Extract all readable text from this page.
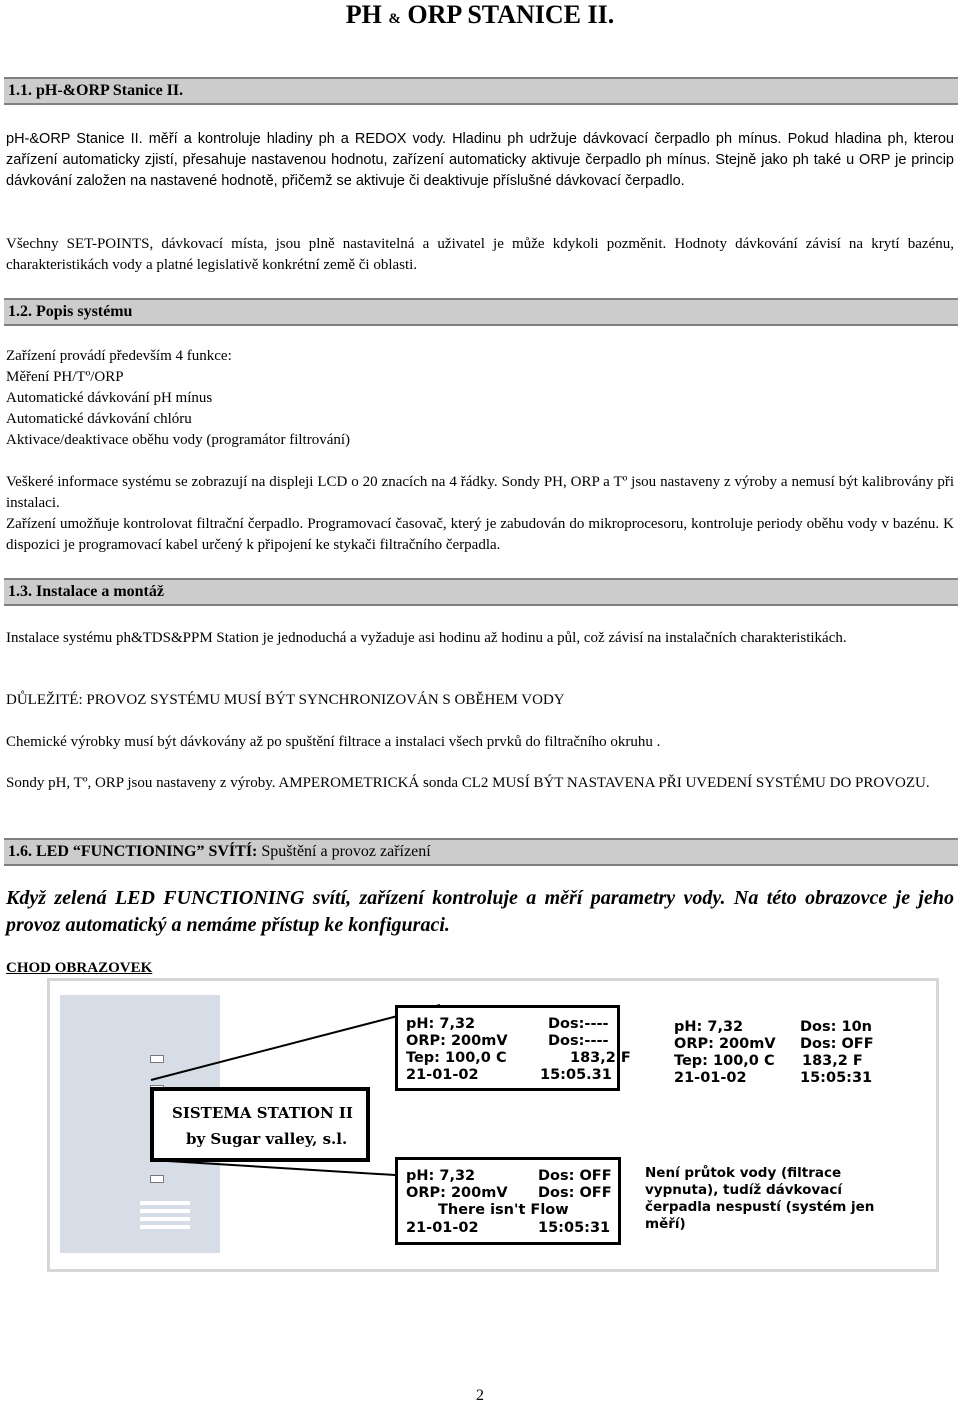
PH & ORP STANICE II.
1.1. pH-&ORP Stanice II.
pH-&ORP Stanice II. měří a kontroluje hladiny ph a REDOX vody. Hladinu ph udržuje dávkovací čerpadlo ph mínus. Pokud hladina ph, kterou zařízení automaticky zjistí, přesahuje nastavenou hodnotu, zařízení automaticky aktivuje čerpadlo ph mínus. Stejně jako ph také u ORP je princip dávkování založen na nastavené hodnotě, přičemž se aktivuje či deaktivuje příslušné dávkovací čerpadlo.
Všechny SET-POINTS, dávkovací místa, jsou plně nastavitelná a uživatel je může kdykoli pozměnit. Hodnoty dávkování závisí na krytí bazénu, charakteristikách vody a platné legislativě konkrétní země či oblasti.
1.2. Popis systému
Zařízení provádí především 4 funkce:
Měření PH/Tº/ORP
Automatické dávkování pH mínus
Automatické dávkování chlóru
Aktivace/deaktivace oběhu vody (programátor filtrování)
Veškeré informace systému se zobrazují na displeji LCD o 20 znacích na 4 řádky. Sondy PH, ORP a Tº jsou nastaveny z výroby a nemusí být kalibrovány při instalaci.
Zařízení umožňuje kontrolovat filtrační čerpadlo. Programovací časovač, který je zabudován do mikroprocesoru, kontroluje periody oběhu vody v bazénu. K dispozici je programovací kabel určený k připojení ke stykači filtračního čerpadla.
1.3. Instalace a montáž
Instalace systému ph&TDS&PPM Station je jednoduchá a vyžaduje asi hodinu až hodinu a půl, což závisí na instalačních charakteristikách.
DŮLEŽITÉ: PROVOZ SYSTÉMU MUSÍ BÝT SYNCHRONIZOVÁN S OBĚHEM VODY
Chemické výrobky musí být dávkovány až po spuštění filtrace a instalaci všech prvků do filtračního okruhu .
Sondy pH, Tº, ORP jsou nastaveny z výroby. AMPEROMETRICKÁ sonda CL2 MUSÍ BÝT NASTAVENA PŘI UVEDENÍ SYSTÉMU DO PROVOZU.
1.6. LED “FUNCTIONING” SVÍTÍ: Spuštění a provoz zařízení
Když zelená LED FUNCTIONING svítí, zařízení kontroluje a měří parametry vody. Na této obrazovce je jeho provoz automatický a nemáme přístup ke konfiguraci.
CHOD OBRAZOVEK
SISTEMA STATION II
by Sugar valley, s.l.
pH: 7,32	Dos:----
ORP: 200mV	Dos:----
Tep: 100,0 C	183,2 F
21-01-02	15:05.31
pH: 7,32	Dos: 10n
ORP: 200mV Dos: OFF
Tep: 100,0 C 183,2 F
21-01-02	15:05:31
pH: 7,32	Dos: OFF
ORP: 200mV Dos: OFF
There isn't Flow
21-01-02	15:05:31
Není průtok vody (filtrace vypnuta), tudíž dávkovací čerpadla nespustí (systém jen měří)
2
